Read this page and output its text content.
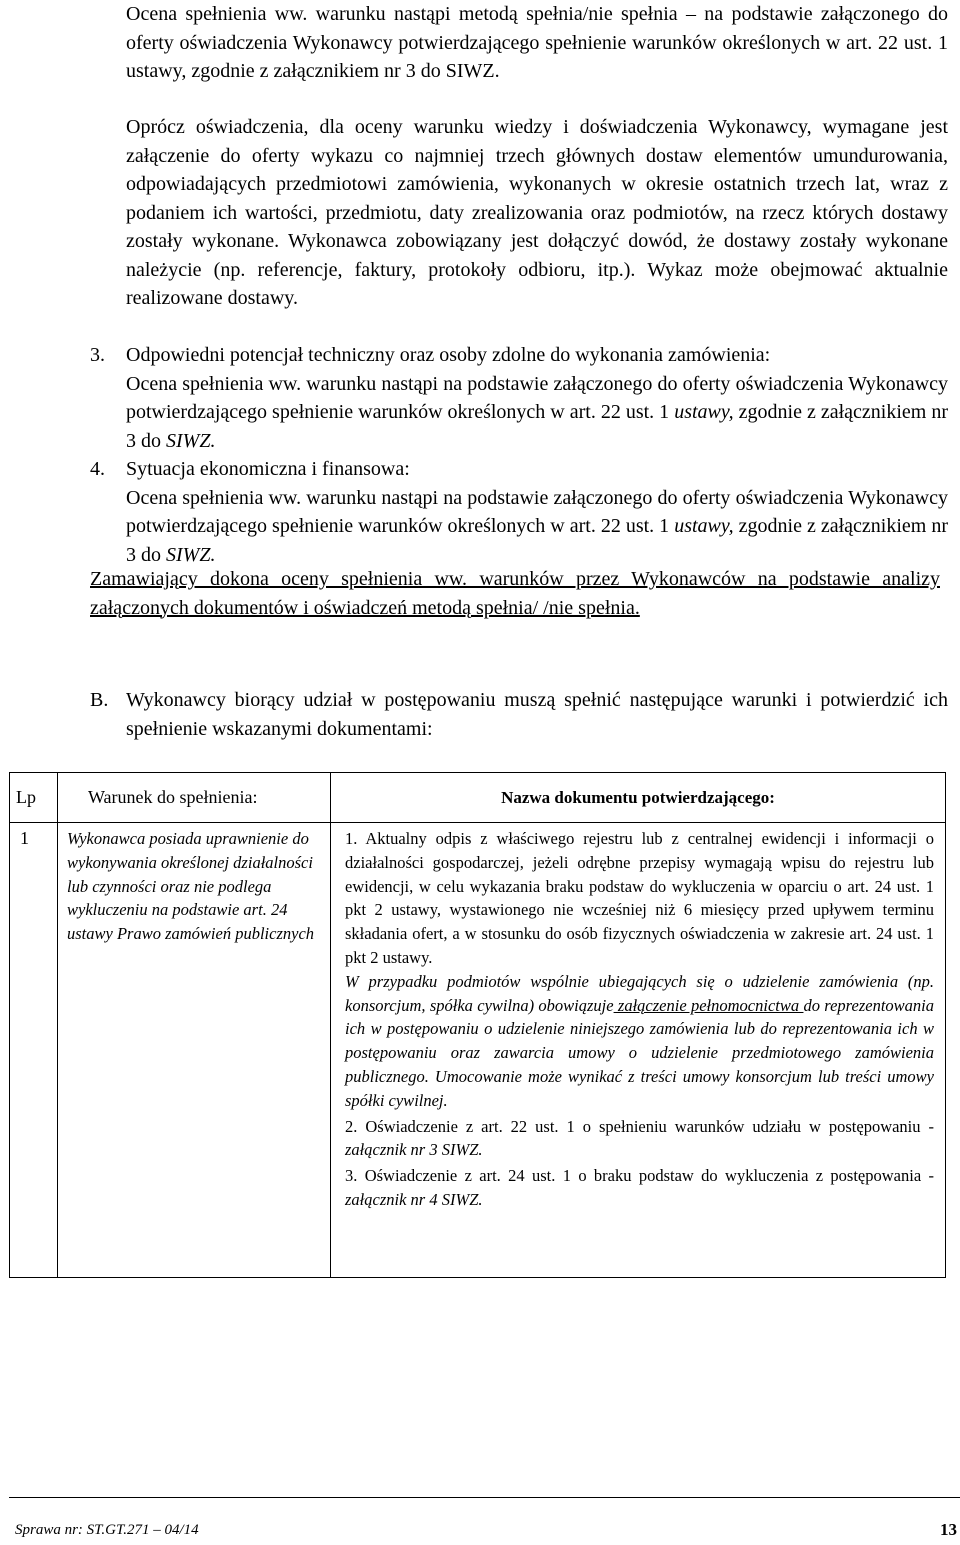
Ocena spełnienia ww. warunku nastąpi metodą spełnia/nie spełnia – na podstawie załączonego do oferty oświadczenia Wykonawcy potwierdzającego spełnienie warunków określonych w art. 22 ust. 1 ustawy, zgodnie z załącznikiem nr 3 do SIWZ.

Oprócz oświadczenia, dla oceny warunku wiedzy i doświadczenia Wykonawcy, wymagane jest załączenie do oferty wykazu co najmniej trzech głównych dostaw elementów umundurowania, odpowiadających przedmiotowi zamówienia, wykonanych w okresie ostatnich trzech lat, wraz z podaniem ich wartości, przedmiotu, daty zrealizowania oraz podmiotów, na rzecz których dostawy zostały wykonane. Wykonawca zobowiązany jest dołączyć dowód, że dostawy zostały wykonane należycie (np. referencje, faktury, protokoły odbioru, itp.). Wykaz może obejmować aktualnie realizowane dostawy.

3. Odpowiedni potencjał techniczny oraz osoby zdolne do wykonania zamówienia:
Ocena spełnienia ww. warunku nastąpi na podstawie załączonego do oferty oświadczenia Wykonawcy potwierdzającego spełnienie warunków określonych w art. 22 ust. 1 ustawy, zgodnie z załącznikiem nr 3 do SIWZ.

4. Sytuacja ekonomiczna i finansowa:
Ocena spełnienia ww. warunku nastąpi na podstawie załączonego do oferty oświadczenia Wykonawcy potwierdzającego spełnienie warunków określonych w art. 22 ust. 1 ustawy, zgodnie z załącznikiem nr 3 do SIWZ.

Zamawiający dokona oceny spełnienia ww. warunków przez Wykonawców na podstawie analizy załączonych dokumentów i oświadczeń metodą spełnia/ /nie spełnia.

B. Wykonawcy biorący udział w postępowaniu muszą spełnić następujące warunki i potwierdzić ich spełnienie wskazanymi dokumentami:

Lp	Warunek do spełnienia:	Nazwa dokumentu potwierdzającego:
1	Wykonawca posiada uprawnienie do wykonywania określonej działalności lub czynności oraz nie podlega wykluczeniu na podstawie art. 24 ustawy Prawo zamówień publicznych	1. Aktualny odpis z właściwego rejestru lub z centralnej ewidencji i informacji o działalności gospodarczej, jeżeli odrębne przepisy wymagają wpisu do rejestru lub ewidencji, w celu wykazania braku podstaw do wykluczenia w oparciu o art. 24 ust. 1 pkt 2 ustawy, wystawionego nie wcześniej niż 6 miesięcy przed upływem terminu składania ofert, a w stosunku do osób fizycznych oświadczenia w zakresie art. 24 ust. 1 pkt 2 ustawy.
W przypadku podmiotów wspólnie ubiegających się o udzielenie zamówienia (np. konsorcjum, spółka cywilna) obowiązuje załączenie pełnomocnictwa do reprezentowania ich w postępowaniu o udzielenie niniejszego zamówienia lub do reprezentowania ich w postępowaniu oraz zawarcia umowy o udzielenie przedmiotowego zamówienia publicznego. Umocowanie może wynikać z treści umowy konsorcjum lub treści umowy spółki cywilnej.
2. Oświadczenie z art. 22 ust. 1 o spełnieniu warunków udziału w postępowaniu - załącznik nr 3 SIWZ.
3. Oświadczenie z art. 24 ust. 1 o braku podstaw do wykluczenia z postępowania - załącznik nr 4 SIWZ.
Sprawa nr: ST.GT.271 – 04/14	13
